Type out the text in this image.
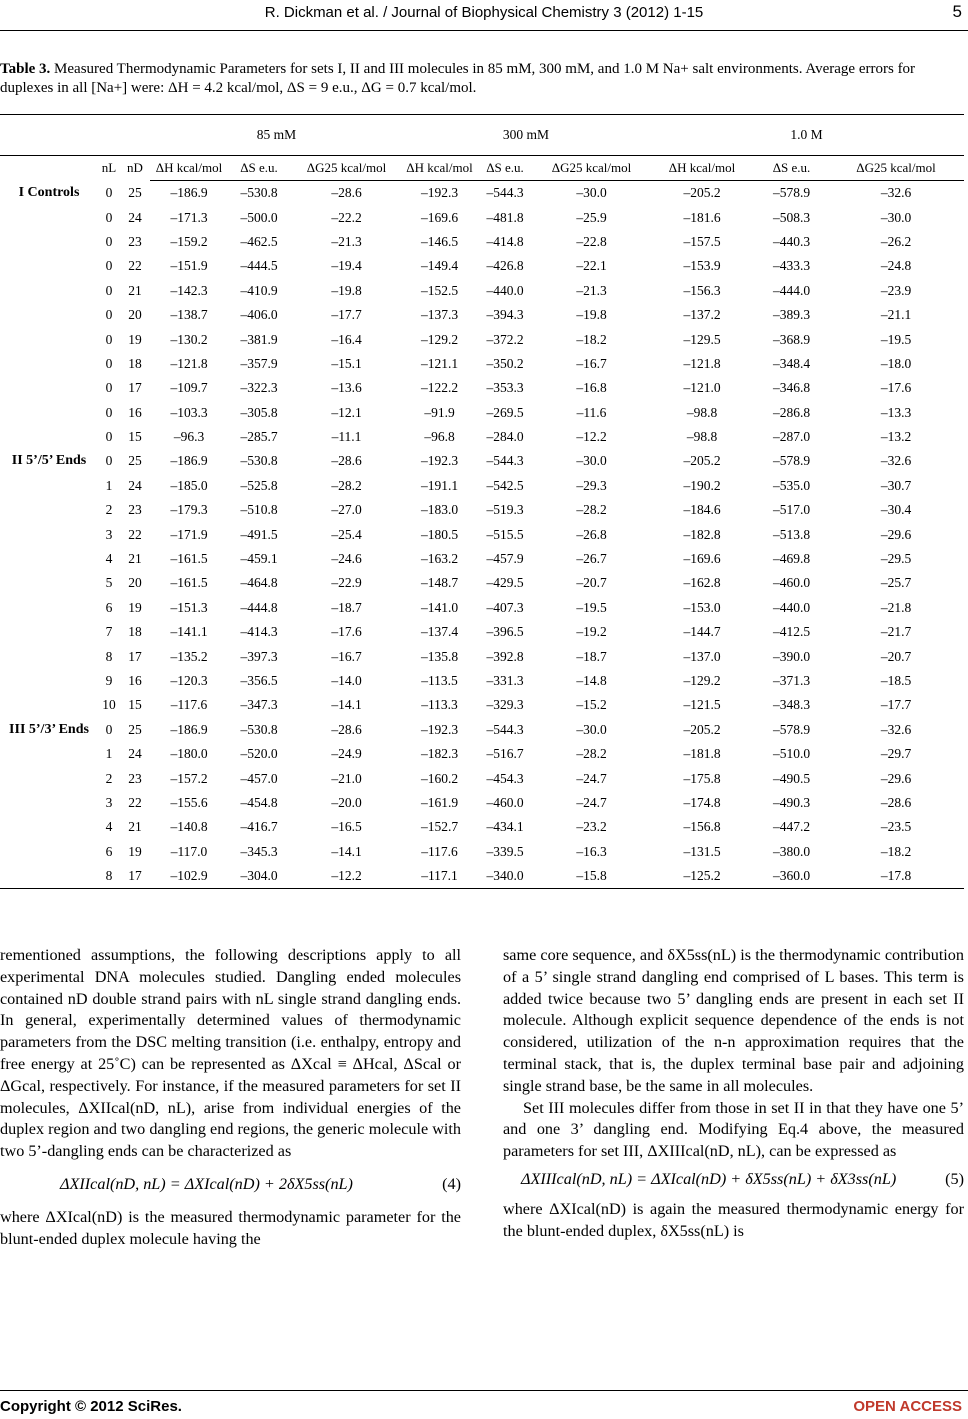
R. Dickman et al. / Journal of Biophysical Chemistry 3 (2012) 1-15	5
Table 3. Measured Thermodynamic Parameters for sets I, II and III molecules in 85 mM, 300 mM, and 1.0 M Na+ salt environments. Average errors for duplexes in all [Na+] were: ΔH = 4.2 kcal/mol, ΔS = 9 e.u., ΔG = 0.7 kcal/mol.
			85 mM			300 mM			1.0 M		
	nL	nD	ΔH kcal/mol	ΔS e.u.	ΔG25 kcal/mol	ΔH kcal/mol	ΔS e.u.	ΔG25 kcal/mol	ΔH kcal/mol	ΔS e.u.	ΔG25 kcal/mol
I Controls	0	25	–186.9	–530.8	–28.6	–192.3	–544.3	–30.0	–205.2	–578.9	–32.6
	0	24	–171.3	–500.0	–22.2	–169.6	–481.8	–25.9	–181.6	–508.3	–30.0
	0	23	–159.2	–462.5	–21.3	–146.5	–414.8	–22.8	–157.5	–440.3	–26.2
	0	22	–151.9	–444.5	–19.4	–149.4	–426.8	–22.1	–153.9	–433.3	–24.8
	0	21	–142.3	–410.9	–19.8	–152.5	–440.0	–21.3	–156.3	–444.0	–23.9
	0	20	–138.7	–406.0	–17.7	–137.3	–394.3	–19.8	–137.2	–389.3	–21.1
	0	19	–130.2	–381.9	–16.4	–129.2	–372.2	–18.2	–129.5	–368.9	–19.5
	0	18	–121.8	–357.9	–15.1	–121.1	–350.2	–16.7	–121.8	–348.4	–18.0
	0	17	–109.7	–322.3	–13.6	–122.2	–353.3	–16.8	–121.0	–346.8	–17.6
	0	16	–103.3	–305.8	–12.1	–91.9	–269.5	–11.6	–98.8	–286.8	–13.3
	0	15	–96.3	–285.7	–11.1	–96.8	–284.0	–12.2	–98.8	–287.0	–13.2
II 5’/5’ Ends	0	25	–186.9	–530.8	–28.6	–192.3	–544.3	–30.0	–205.2	–578.9	–32.6
	1	24	–185.0	–525.8	–28.2	–191.1	–542.5	–29.3	–190.2	–535.0	–30.7
	2	23	–179.3	–510.8	–27.0	–183.0	–519.3	–28.2	–184.6	–517.0	–30.4
	3	22	–171.9	–491.5	–25.4	–180.5	–515.5	–26.8	–182.8	–513.8	–29.6
	4	21	–161.5	–459.1	–24.6	–163.2	–457.9	–26.7	–169.6	–469.8	–29.5
	5	20	–161.5	–464.8	–22.9	–148.7	–429.5	–20.7	–162.8	–460.0	–25.7
	6	19	–151.3	–444.8	–18.7	–141.0	–407.3	–19.5	–153.0	–440.0	–21.8
	7	18	–141.1	–414.3	–17.6	–137.4	–396.5	–19.2	–144.7	–412.5	–21.7
	8	17	–135.2	–397.3	–16.7	–135.8	–392.8	–18.7	–137.0	–390.0	–20.7
	9	16	–120.3	–356.5	–14.0	–113.5	–331.3	–14.8	–129.2	–371.3	–18.5
	10	15	–117.6	–347.3	–14.1	–113.3	–329.3	–15.2	–121.5	–348.3	–17.7
III 5’/3’ Ends	0	25	–186.9	–530.8	–28.6	–192.3	–544.3	–30.0	–205.2	–578.9	–32.6
	1	24	–180.0	–520.0	–24.9	–182.3	–516.7	–28.2	–181.8	–510.0	–29.7
	2	23	–157.2	–457.0	–21.0	–160.2	–454.3	–24.7	–175.8	–490.5	–29.6
	3	22	–155.6	–454.8	–20.0	–161.9	–460.0	–24.7	–174.8	–490.3	–28.6
	4	21	–140.8	–416.7	–16.5	–152.7	–434.1	–23.2	–156.8	–447.2	–23.5
	6	19	–117.0	–345.3	–14.1	–117.6	–339.5	–16.3	–131.5	–380.0	–18.2
	8	17	–102.9	–304.0	–12.2	–117.1	–340.0	–15.8	–125.2	–360.0	–17.8

rementioned assumptions, the following descriptions apply to all experimental DNA molecules studied. Dangling ended molecules contained nD double strand pairs with nL single strand dangling ends. In general, experimentally determined values of thermodynamic parameters from the DSC melting transition (i.e. enthalpy, entropy and free energy at 25˚C) can be represented as ΔXcal ≡ ΔHcal, ΔScal or ΔGcal, respectively. For instance, if the measured parameters for set II molecules, ΔXIIcal(nD, nL), arise from individual energies of the duplex region and two dangling end regions, the generic molecule with two 5’-dangling ends can be characterized as

ΔXIIcal(nD, nL) = ΔXIcal(nD) + 2δX5ss(nL)	(4)

where ΔXIcal(nD) is the measured thermodynamic parameter for the blunt-ended duplex molecule having the

same core sequence, and δX5ss(nL) is the thermodynamic contribution of a 5’ single strand dangling end comprised of L bases. This term is added twice because two 5’ dangling ends are present in each set II molecule. Although explicit sequence dependence of the ends is not considered, utilization of the n-n approximation requires that the terminal stack, that is, the duplex terminal base pair and adjoining single strand base, be the same in all molecules.

Set III molecules differ from those in set II in that they have one 5’ and one 3’ dangling end. Modifying Eq.4 above, the measured parameters for set III, ΔXIIIcal(nD, nL), can be expressed as

ΔXIIIcal(nD, nL) = ΔXIcal(nD) + δX5ss(nL) + δX3ss(nL)	(5)

where ΔXIcal(nD) is again the measured thermodynamic energy for the blunt-ended duplex, δX5ss(nL) is

Copyright © 2012 SciRes.	OPEN ACCESS
